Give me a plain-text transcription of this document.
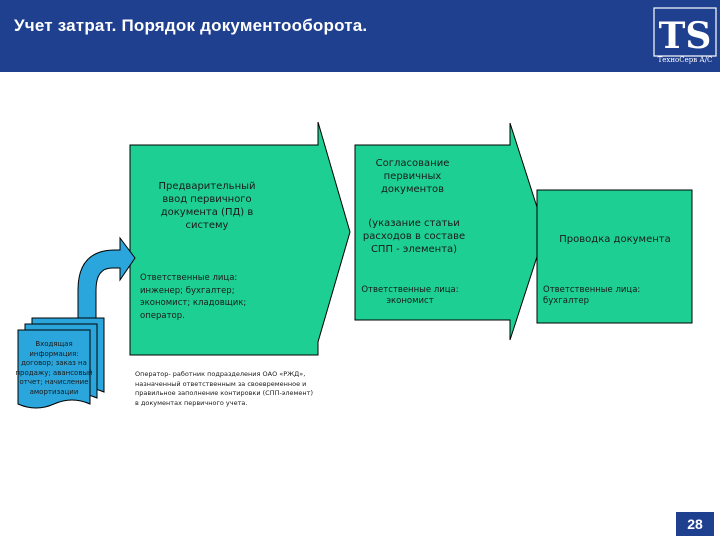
Учет затрат. Порядок документооборота.	TS
ТехноСерв А/С
Предварительный ввод первичного документа (ПД) в систему
Ответственные лица: инженер; бухгалтер; экономист; кладовщик; оператор.
Согласование первичных документов
(указание статьи расходов в составе СПП - элемента)
Ответственные лица: экономист
Проводка документа
Ответственные лица: бухгалтер
Входящая информация: договор; заказ на продажу; авансовый отчет; начисление амортизации
Оператор- работник подразделения ОАО «РЖД», назначенный ответственным за своевременное и правильное заполнение контировки (СПП-элемент) в документах первичного учета.
28
